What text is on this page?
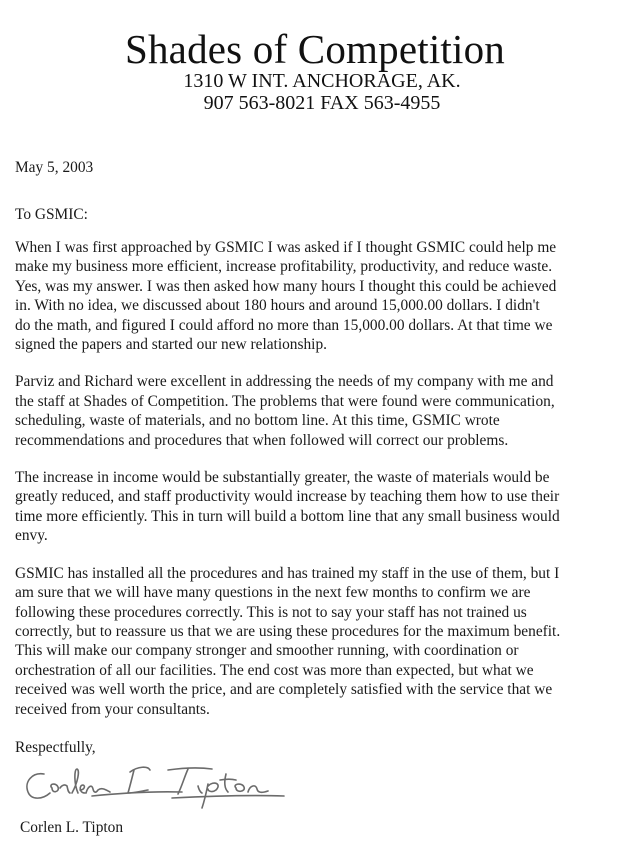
Shades of Competition
1310 W INT. ANCHORAGE, AK.
907 563-8021 FAX 563-4955
May 5, 2003
To GSMIC:

When I was first approached by GSMIC I was asked if I thought GSMIC could help me
make my business more efficient, increase profitability, productivity, and reduce waste.
Yes, was my answer. I was then asked how many hours I thought this could be achieved
in. With no idea, we discussed about 180 hours and around 15,000.00 dollars. I didn't
do the math, and figured I could afford no more than 15,000.00 dollars. At that time we
signed the papers and started our new relationship.

Parviz and Richard were excellent in addressing the needs of my company with me and
the staff at Shades of Competition. The problems that were found were communication,
scheduling, waste of materials, and no bottom line. At this time, GSMIC wrote
recommendations and procedures that when followed will correct our problems.

The increase in income would be substantially greater, the waste of materials would be
greatly reduced, and staff productivity would increase by teaching them how to use their
time more efficiently. This in turn will build a bottom line that any small business would
envy.

GSMIC has installed all the procedures and has trained my staff in the use of them, but I
am sure that we will have many questions in the next few months to confirm we are
following these procedures correctly. This is not to say your staff has not trained us
correctly, but to reassure us that we are using these procedures for the maximum benefit.
This will make our company stronger and smoother running, with coordination or
orchestration of all our facilities. The end cost was more than expected, but what we
received was well worth the price, and are completely satisfied with the service that we
received from your consultants.

Respectfully,
Corlen L. Tipton
